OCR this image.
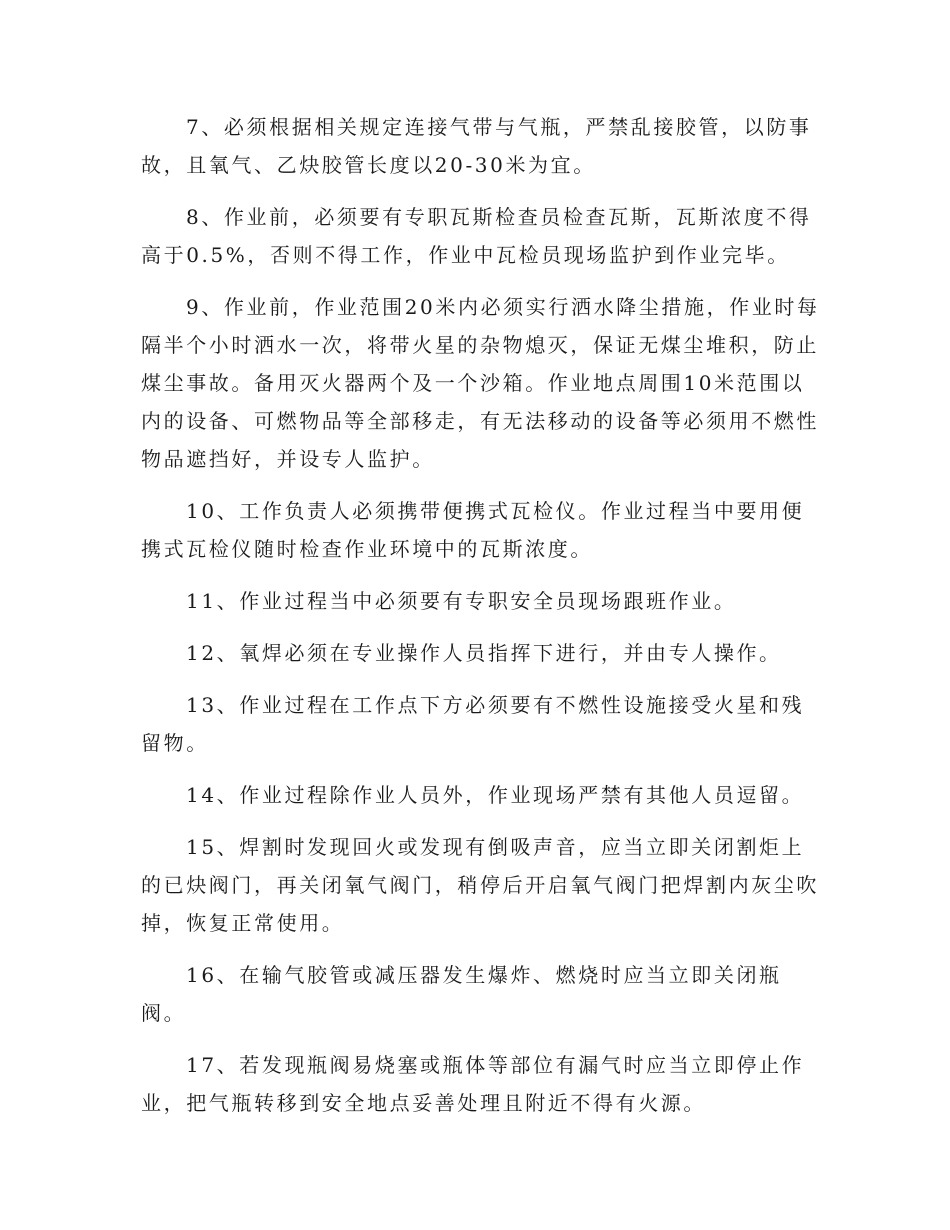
7、必须根据相关规定连接气带与气瓶，严禁乱接胶管，以防事故，且氧气、乙炔胶管长度以20-30米为宜。

8、作业前，必须要有专职瓦斯检查员检查瓦斯，瓦斯浓度不得高于0.5%，否则不得工作，作业中瓦检员现场监护到作业完毕。

9、作业前，作业范围20米内必须实行洒水降尘措施，作业时每隔半个小时洒水一次，将带火星的杂物熄灭，保证无煤尘堆积，防止煤尘事故。备用灭火器两个及一个沙箱。作业地点周围10米范围以内的设备、可燃物品等全部移走，有无法移动的设备等必须用不燃性物品遮挡好，并设专人监护。

10、工作负责人必须携带便携式瓦检仪。作业过程当中要用便携式瓦检仪随时检查作业环境中的瓦斯浓度。

11、作业过程当中必须要有专职安全员现场跟班作业。

12、氧焊必须在专业操作人员指挥下进行，并由专人操作。

13、作业过程在工作点下方必须要有不燃性设施接受火星和残留物。

14、作业过程除作业人员外，作业现场严禁有其他人员逗留。

15、焊割时发现回火或发现有倒吸声音，应当立即关闭割炬上的已炔阀门，再关闭氧气阀门，稍停后开启氧气阀门把焊割内灰尘吹掉，恢复正常使用。

16、在输气胶管或减压器发生爆炸、燃烧时应当立即关闭瓶阀。

17、若发现瓶阀易烧塞或瓶体等部位有漏气时应当立即停止作业，把气瓶转移到安全地点妥善处理且附近不得有火源。
